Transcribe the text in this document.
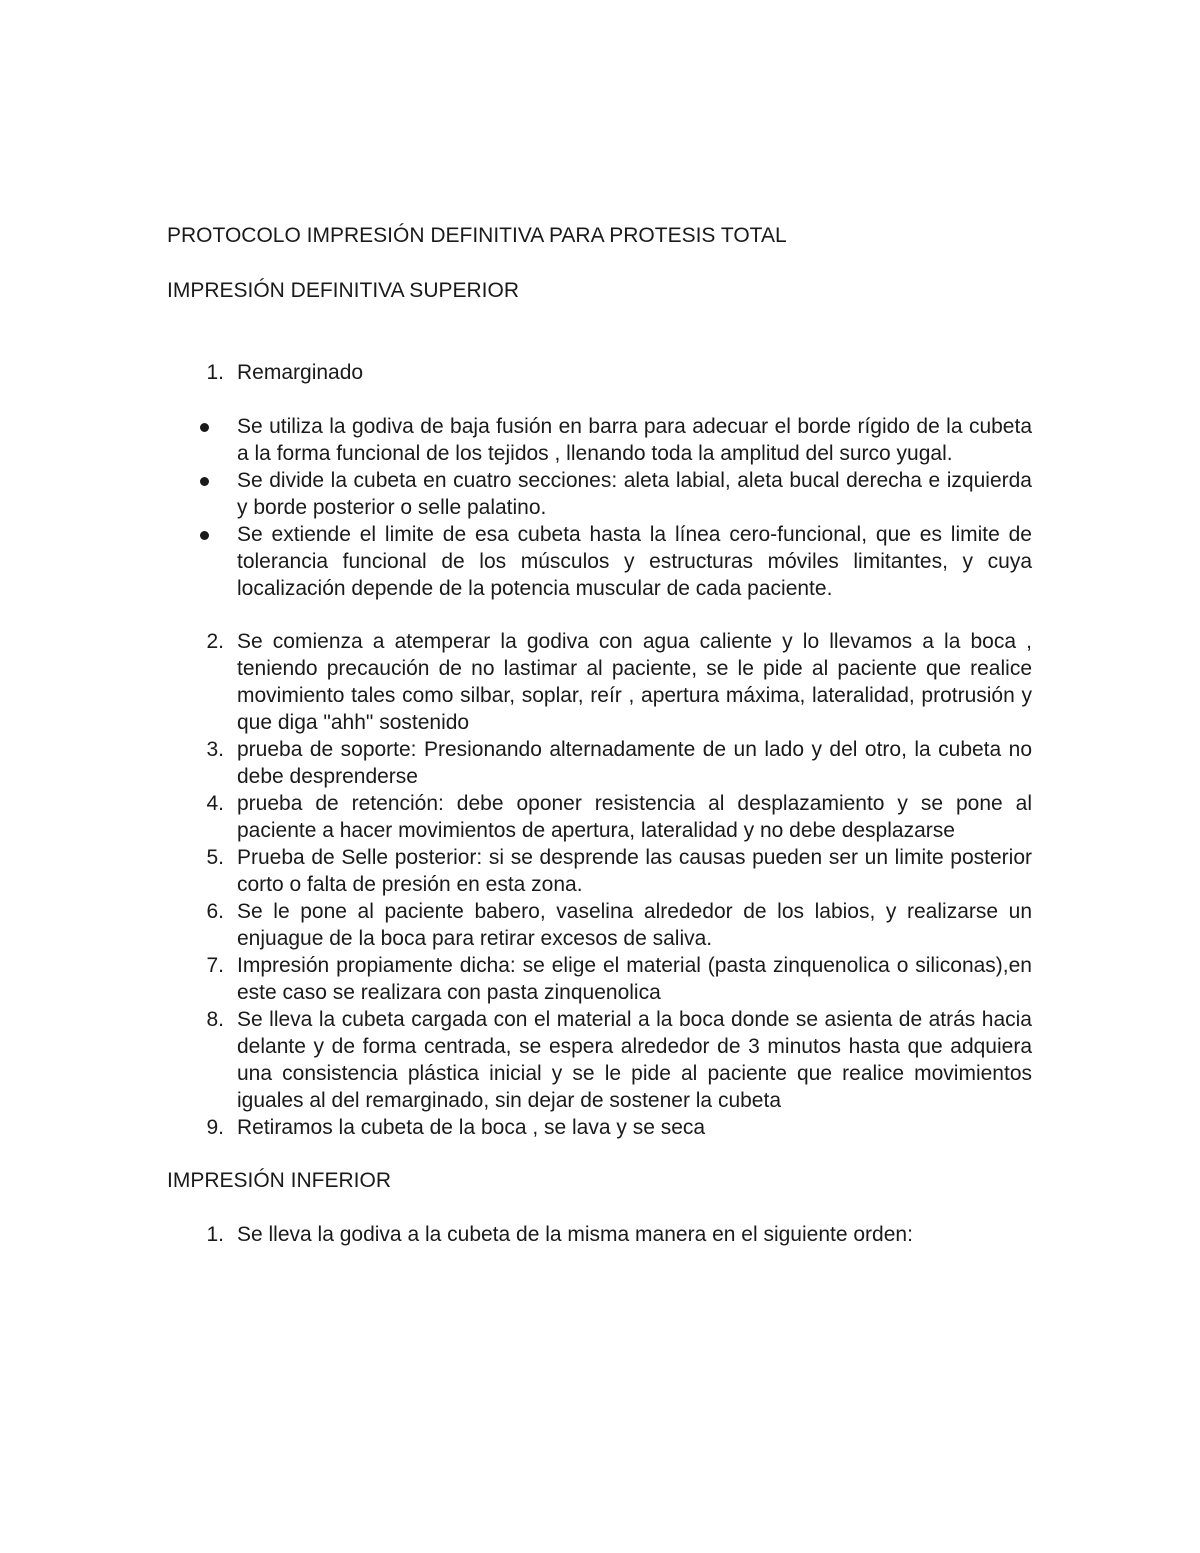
PROTOCOLO IMPRESIÓN DEFINITIVA PARA PROTESIS TOTAL
IMPRESIÓN DEFINITIVA SUPERIOR
1. Remarginado
Se utiliza la godiva de baja fusión en barra para adecuar el borde rígido de la cubeta a la forma funcional de los tejidos , llenando toda la amplitud del surco yugal.
Se divide la cubeta en cuatro secciones: aleta labial, aleta bucal derecha e izquierda y borde posterior o selle palatino.
Se extiende el limite de esa cubeta hasta la línea cero-funcional, que es limite de tolerancia funcional de los músculos y estructuras móviles limitantes, y cuya localización depende de la potencia muscular de cada paciente.
2. Se comienza a atemperar la godiva con agua caliente y lo llevamos a la boca , teniendo precaución de no lastimar al paciente, se le pide al paciente que realice movimiento tales como silbar, soplar, reír , apertura máxima, lateralidad, protrusión y que diga "ahh" sostenido
3. prueba de soporte: Presionando alternadamente de un lado y del otro, la cubeta no debe desprenderse
4. prueba de retención: debe oponer resistencia al desplazamiento y se pone al paciente a hacer movimientos de apertura, lateralidad y no debe desplazarse
5. Prueba de Selle posterior: si se desprende las causas pueden ser un limite posterior corto o falta de presión en esta zona.
6. Se le pone al paciente babero, vaselina alrededor de los labios, y realizarse un enjuague de la boca para retirar excesos de saliva.
7. Impresión propiamente dicha: se elige el material (pasta zinquenolica o siliconas),en este caso se realizara con pasta zinquenolica
8. Se lleva la cubeta cargada con el material a la boca donde se asienta de atrás hacia delante y de forma centrada, se espera alrededor de 3 minutos hasta que adquiera una consistencia plástica inicial y se le pide al paciente que realice movimientos iguales al del remarginado, sin dejar de sostener la cubeta
9. Retiramos la cubeta de la boca , se lava y se seca
IMPRESIÓN INFERIOR
1. Se lleva la godiva a la cubeta de la misma manera en el siguiente orden:
